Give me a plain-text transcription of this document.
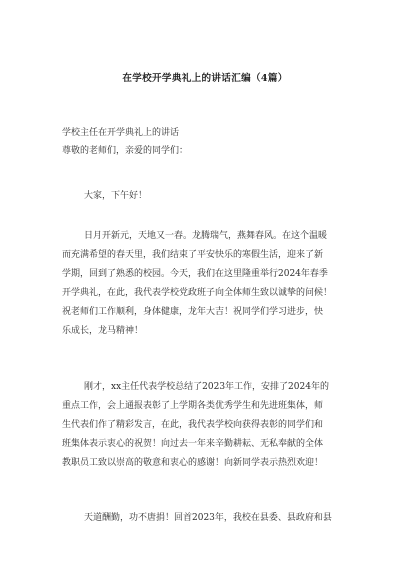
在学校开学典礼上的讲话汇编（4篇）
学校主任在开学典礼上的讲话
尊敬的老师们，亲爱的同学们：
大家，下午好！
日月开新元，天地又一春。龙腾瑞气，燕舞春风。在这个温暖
而充满希望的春天里，我们结束了平安快乐的寒假生活，迎来了新
学期，回到了熟悉的校园。今天，我们在这里隆重举行2024年春季
开学典礼，在此，我代表学校党政班子向全体师生致以诚挚的问候！
祝老师们工作顺利，身体健康，龙年大吉！祝同学们学习进步，快
乐成长，龙马精神！
刚才，xx主任代表学校总结了2023年工作，安排了2024年的
重点工作，会上通报表彰了上学期各类优秀学生和先进班集体，师
生代表们作了精彩发言，在此，我代表学校向获得表彰的同学们和
班集体表示衷心的祝贺！向过去一年来辛勤耕耘、无私奉献的全体
教职员工致以崇高的敬意和衷心的感谢！向新同学表示热烈欢迎！
天道酬勤，功不唐捐！回首2023年，我校在县委、县政府和县
